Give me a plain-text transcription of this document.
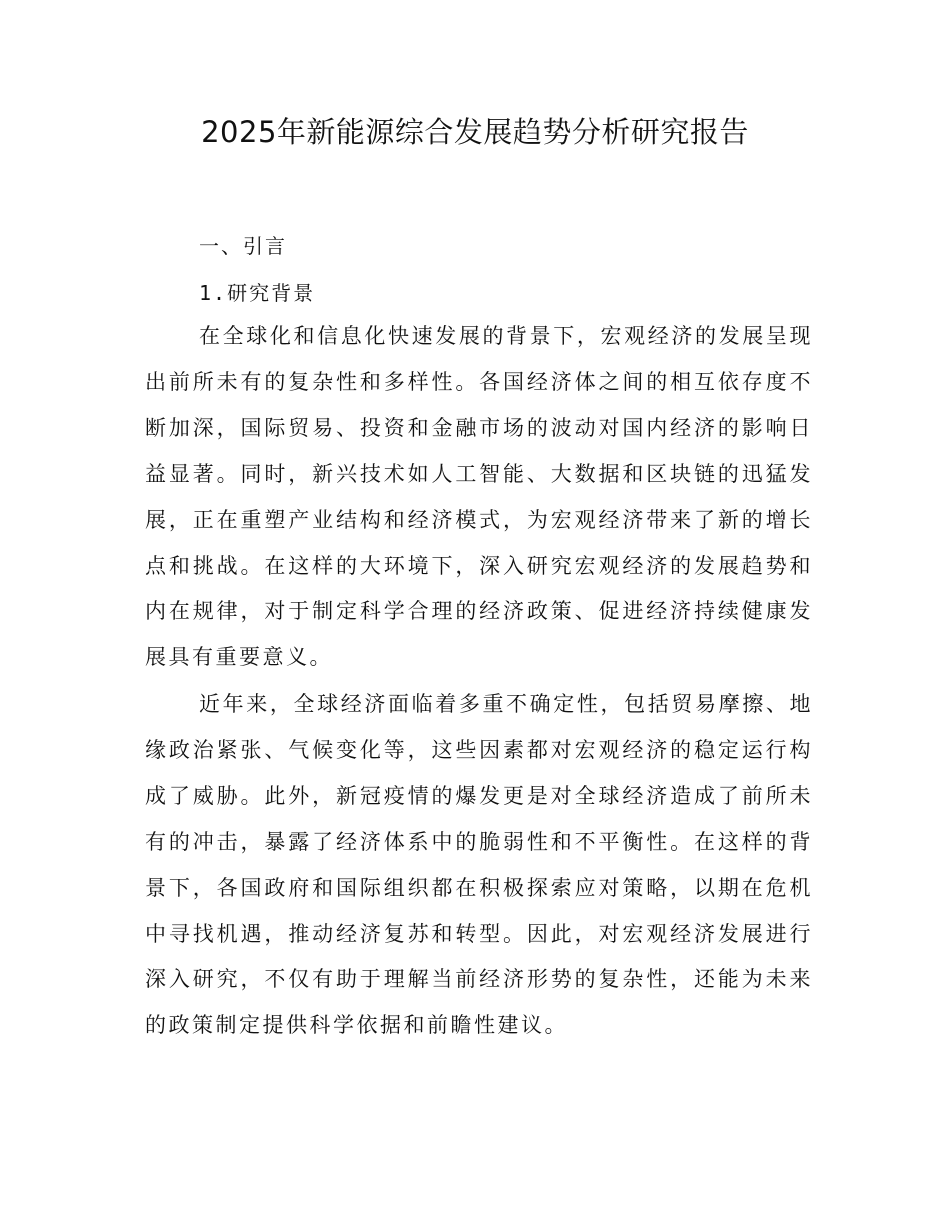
2025年新能源综合发展趋势分析研究报告
一、引言
1.研究背景

在全球化和信息化快速发展的背景下，宏观经济的发展呈现出前所未有的复杂性和多样性。各国经济体之间的相互依存度不断加深，国际贸易、投资和金融市场的波动对国内经济的影响日益显著。同时，新兴技术如人工智能、大数据和区块链的迅猛发展，正在重塑产业结构和经济模式，为宏观经济带来了新的增长点和挑战。在这样的大环境下，深入研究宏观经济的发展趋势和内在规律，对于制定科学合理的经济政策、促进经济持续健康发展具有重要意义。

近年来，全球经济面临着多重不确定性，包括贸易摩擦、地缘政治紧张、气候变化等，这些因素都对宏观经济的稳定运行构成了威胁。此外，新冠疫情的爆发更是对全球经济造成了前所未有的冲击，暴露了经济体系中的脆弱性和不平衡性。在这样的背景下，各国政府和国际组织都在积极探索应对策略，以期在危机中寻找机遇，推动经济复苏和转型。因此，对宏观经济发展进行深入研究，不仅有助于理解当前经济形势的复杂性，还能为未来的政策制定提供科学依据和前瞻性建议。
